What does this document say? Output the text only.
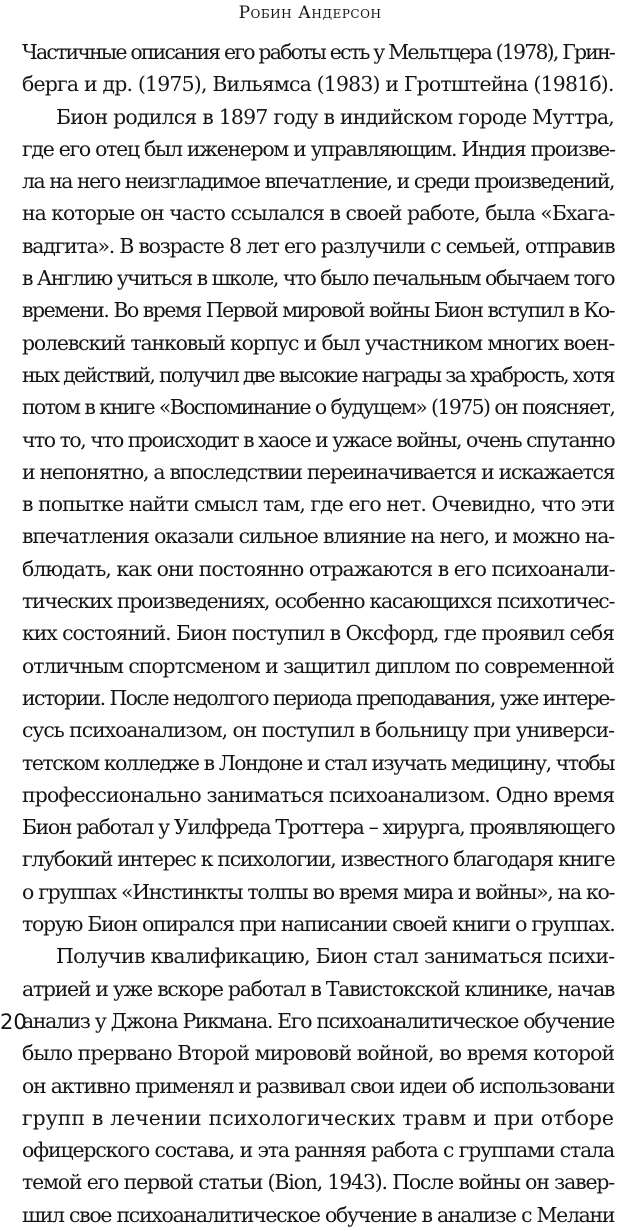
Робин Андерсон
Частичные описания его работы есть у Мельтцера (1978), Грин-
берга и др. (1975), Вильямса (1983) и Гротштейна (1981б).
Бион родился в 1897 году в индийском городе Муттра,
где его отец был иженером и управляющим. Индия произве-
ла на него неизгладимое впечатление, и среди произведений,
на которые он часто ссылался в своей работе, была «Бхага-
вадгита». В возрасте 8 лет его разлучили с семьей, отправив
в Англию учиться в школе, что было печальным обычаем того
времени. Во время Первой мировой войны Бион вступил в Ко-
ролевский танковый корпус и был участником многих воен-
ных действий, получил две высокие награды за храбрость, хотя
потом в книге «Воспоминание о будущем» (1975) он поясняет,
что то, что происходит в хаосе и ужасе войны, очень спутанно
и непонятно, а впоследствии переиначивается и искажается
в попытке найти смысл там, где его нет. Очевидно, что эти
впечатления оказали сильное влияние на него, и можно на-
блюдать, как они постоянно отражаются в его психоанали-
тических произведениях, особенно касающихся психотичес-
ких состояний. Бион поступил в Оксфорд, где проявил себя
отличным спортсменом и защитил диплом по современной
истории. После недолгого периода преподавания, уже интере-
сусь психоанализом, он поступил в больницу при универси-
тетском колледже в Лондоне и стал изучать медицину, чтобы
профессионально заниматься психоанализом. Одно время
Бион работал у Уилфреда Троттера – хирурга, проявляющего
глубокий интерес к психологии, известного благодаря книге
о группах «Инстинкты толпы во время мира и войны», на ко-
торую Бион опирался при написании своей книги о группах.
Получив квалификацию, Бион стал заниматься психи-
атрией и уже вскоре работал в Тавистокской клинике, начав
анализ у Джона Рикмана. Его психоаналитическое обучение
было прервано Второй мирововй войной, во время которой
он активно применял и развивал свои идеи об использовани
групп в лечении психологических травм и при отборе
офицерского состава, и эта ранняя работа с группами стала
темой его первой статьи (Bion, 1943). После войны он завер-
шил свое психоаналитическое обучение в анализе с Мелани
20
